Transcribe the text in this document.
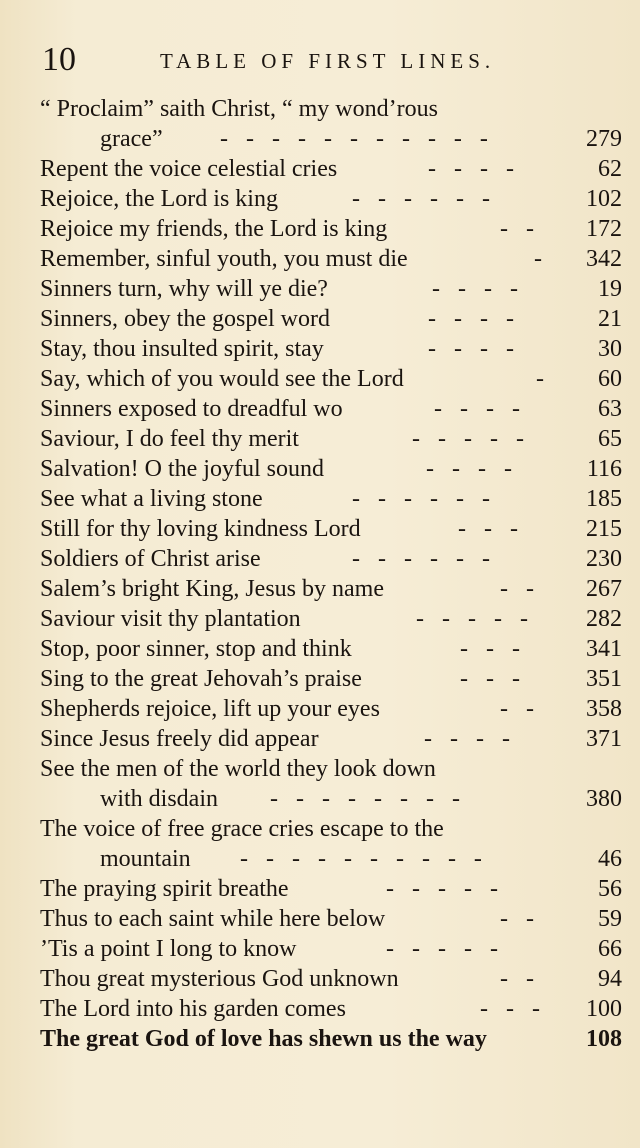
10	TABLE OF FIRST LINES.
“ Proclaim” saith Christ, “ my wond’rous
grace” - - - - - - - - - - -	279
Repent the voice celestial cries	- - - -	62
Rejoice, the Lord is king	- - - - - -	102
Rejoice my friends, the Lord is king	- - 172
Remember, sinful youth, you must die	- 342
Sinners turn, why will ye die?	- - - -	19
Sinners, obey the gospel word	- - - -	21
Stay, thou insulted spirit, stay	- - - -	30
Say, which of you would see the Lord	- 60
Sinners exposed to dreadful wo	- - - -	63
Saviour, I do feel thy merit	- - - - -	65
Salvation! O the joyful sound	- - - -	116
See what a living stone	- - - - - -	185
Still for thy loving kindness Lord	- - -	215
Soldiers of Christ arise	- - - - - -	230
Salem’s bright King, Jesus by name	- - 267
Saviour visit thy plantation	- - - - - 282
Stop, poor sinner, stop and think	- - -	341
Sing to the great Jehovah’s praise	- - -	351
Shepherds rejoice, lift up your eyes	- - 358
Since Jesus freely did appear	- - - -	371
See the men of the world they look down
with disdain - - - - - - - -	380
The voice of free grace cries escape to the
mountain - - - - - - - - - -	46
The praying spirit breathe	- - - - -	56
Thus to each saint while here below	- - 59
’Tis a point I long to know	- - - - -	66
Thou great mysterious God unknown	- - 94
The Lord into his garden comes	- - - 100
The great God of love has shewn us the way	108
